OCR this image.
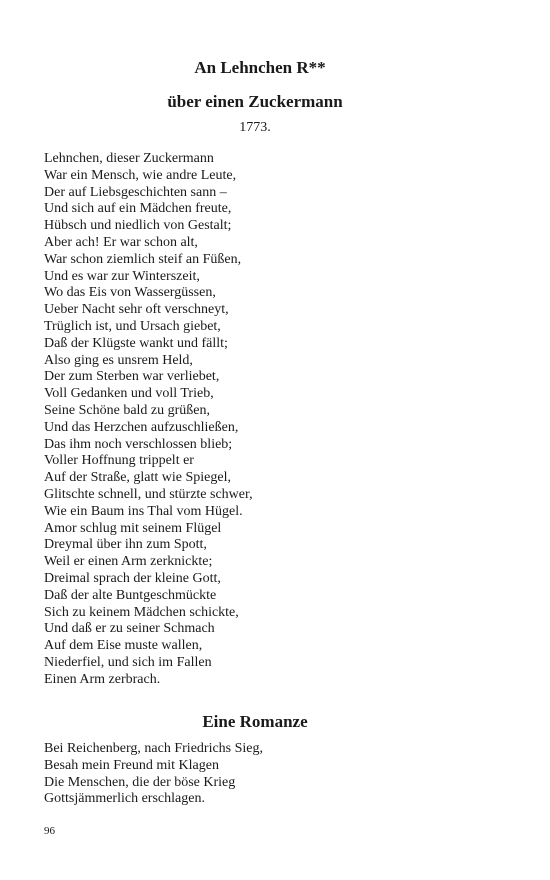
An Lehnchen R**
über einen Zuckermann
1773.
Lehnchen, dieser Zuckermann
War ein Mensch, wie andre Leute,
Der auf Liebsgeschichten sann –
Und sich auf ein Mädchen freute,
Hübsch und niedlich von Gestalt;
Aber ach! Er war schon alt,
War schon ziemlich steif an Füßen,
Und es war zur Winterszeit,
Wo das Eis von Wassergüssen,
Ueber Nacht sehr oft verschneyt,
Trüglich ist, und Ursach giebet,
Daß der Klügste wankt und fällt;
Also ging es unsrem Held,
Der zum Sterben war verliebet,
Voll Gedanken und voll Trieb,
Seine Schöne bald zu grüßen,
Und das Herzchen aufzuschließen,
Das ihm noch verschlossen blieb;
Voller Hoffnung trippelt er
Auf der Straße, glatt wie Spiegel,
Glitschte schnell, und stürzte schwer,
Wie ein Baum ins Thal vom Hügel.
Amor schlug mit seinem Flügel
Dreymal über ihn zum Spott,
Weil er einen Arm zerknickte;
Dreimal sprach der kleine Gott,
Daß der alte Buntgeschmückte
Sich zu keinem Mädchen schickte,
Und daß er zu seiner Schmach
Auf dem Eise muste wallen,
Niederfiel, und sich im Fallen
Einen Arm zerbrach.
Eine Romanze
Bei Reichenberg, nach Friedrichs Sieg,
Besah mein Freund mit Klagen
Die Menschen, die der böse Krieg
Gottsjämmerlich erschlagen.
96
